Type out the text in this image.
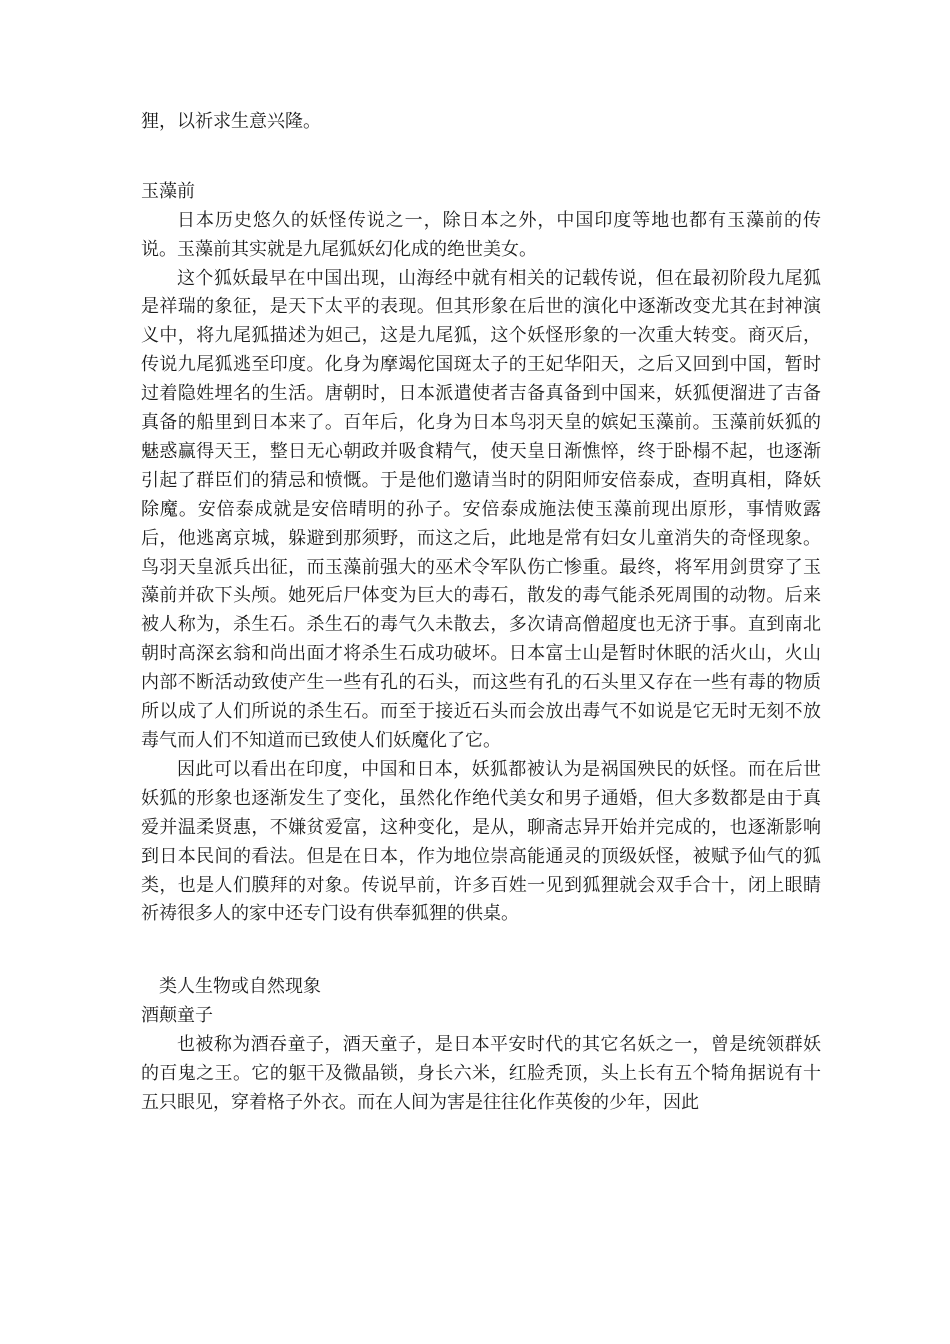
狸，以祈求生意兴隆。

玉藻前

日本历史悠久的妖怪传说之一，除日本之外，中国印度等地也都有玉藻前的传说。玉藻前其实就是九尾狐妖幻化成的绝世美女。

这个狐妖最早在中国出现，山海经中就有相关的记载传说，但在最初阶段九尾狐是祥瑞的象征，是天下太平的表现。但其形象在后世的演化中逐渐改变尤其在封神演义中，将九尾狐描述为妲己，这是九尾狐，这个妖怪形象的一次重大转变。商灭后，传说九尾狐逃至印度。化身为摩竭佗国斑太子的王妃华阳天，之后又回到中国，暂时过着隐姓埋名的生活。唐朝时，日本派遣使者吉备真备到中国来，妖狐便溜进了吉备真备的船里到日本来了。百年后，化身为日本鸟羽天皇的嫔妃玉藻前。玉藻前妖狐的魅惑赢得天王，整日无心朝政并吸食精气，使天皇日渐憔悴，终于卧榻不起，也逐渐引起了群臣们的猜忌和愤慨。于是他们邀请当时的阴阳师安倍泰成，查明真相，降妖除魔。安倍泰成就是安倍晴明的孙子。安倍泰成施法使玉藻前现出原形，事情败露后，他逃离京城，躲避到那须野，而这之后，此地是常有妇女儿童消失的奇怪现象。鸟羽天皇派兵出征，而玉藻前强大的巫术令军队伤亡惨重。最终，将军用剑贯穿了玉藻前并砍下头颅。她死后尸体变为巨大的毒石，散发的毒气能杀死周围的动物。后来被人称为，杀生石。杀生石的毒气久未散去，多次请高僧超度也无济于事。直到南北朝时高深玄翁和尚出面才将杀生石成功破坏。日本富士山是暂时休眠的活火山，火山内部不断活动致使产生一些有孔的石头，而这些有孔的石头里又存在一些有毒的物质所以成了人们所说的杀生石。而至于接近石头而会放出毒气不如说是它无时无刻不放毒气而人们不知道而已致使人们妖魔化了它。

因此可以看出在印度，中国和日本，妖狐都被认为是祸国殃民的妖怪。而在后世妖狐的形象也逐渐发生了变化，虽然化作绝代美女和男子通婚，但大多数都是由于真爱并温柔贤惠，不嫌贫爱富，这种变化，是从，聊斋志异开始并完成的，也逐渐影响到日本民间的看法。但是在日本，作为地位崇高能通灵的顶级妖怪，被赋予仙气的狐类，也是人们膜拜的对象。传说早前，许多百姓一见到狐狸就会双手合十，闭上眼睛祈祷很多人的家中还专门设有供奉狐狸的供桌。

类人生物或自然现象

酒颠童子

也被称为酒吞童子，酒天童子，是日本平安时代的其它名妖之一，曾是统领群妖的百鬼之王。它的躯干及微晶锁，身长六米，红脸秃顶，头上长有五个犄角据说有十五只眼见，穿着格子外衣。而在人间为害是往往化作英俊的少年，因此
